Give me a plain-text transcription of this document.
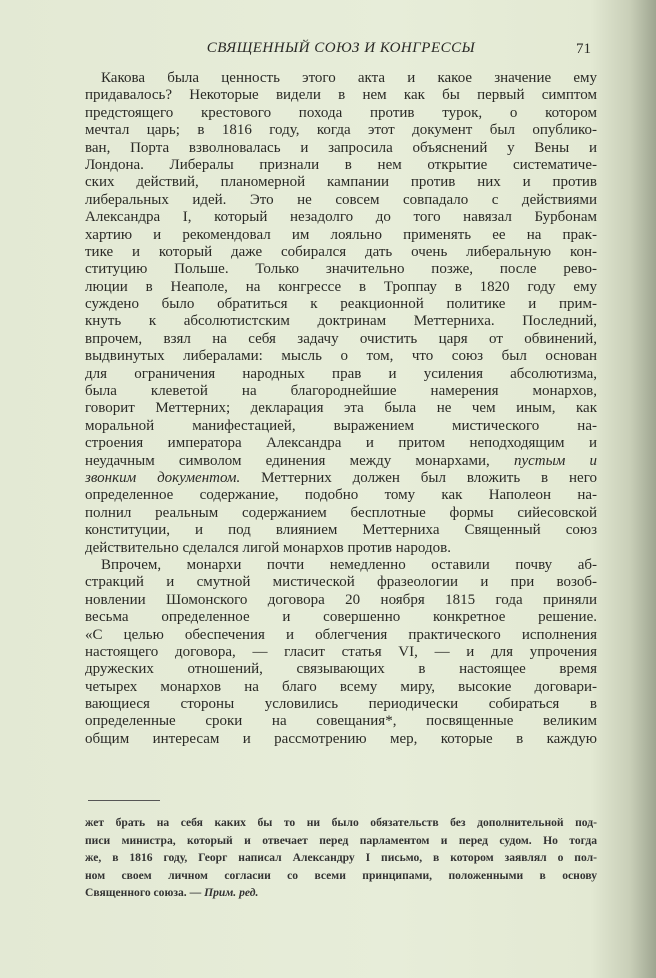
СВЯЩЕННЫЙ СОЮЗ И КОНГРЕССЫ	71
Какова была ценность этого акта и какое значение ему
придавалось? Некоторые видели в нем как бы первый симптом
предстоящего крестового похода против турок, о котором
мечтал царь; в 1816 году, когда этот документ был опублико-
ван, Порта взволновалась и запросила объяснений у Вены и
Лондона. Либералы признали в нем открытие систематиче-
ских действий, планомерной кампании против них и против
либеральных идей. Это не совсем совпадало с действиями
Александра I, который незадолго до того навязал Бурбонам
хартию и рекомендовал им лояльно применять ее на прак-
тике и который даже собирался дать очень либеральную кон-
ституцию Польше. Только значительно позже, после рево-
люции в Неаполе, на конгрессе в Троппау в 1820 году ему
суждено было обратиться к реакционной политике и прим-
кнуть к абсолютистским доктринам Меттерниха. Последний,
впрочем, взял на себя задачу очистить царя от обвинений,
выдвинутых либералами: мысль о том, что союз был основан
для ограничения народных прав и усиления абсолютизма,
была клеветой на благороднейшие намерения монархов,
говорит Меттерних; декларация эта была не чем иным, как
моральной манифестацией, выражением мистического на-
строения императора Александра и притом неподходящим и
неудачным символом единения между монархами, пустым и
звонким документом. Меттерних должен был вложить в него
определенное содержание, подобно тому как Наполеон на-
полнил реальным содержанием бесплотные формы сийесовской
конституции, и под влиянием Меттерниха Священный союз
действительно сделался лигой монархов против народов.
Впрочем, монархи почти немедленно оставили почву аб-
стракций и смутной мистической фразеологии и при возоб-
новлении Шомонского договора 20 ноября 1815 года приняли
весьма определенное и совершенно конкретное решение.
«С целью обеспечения и облегчения практического исполнения
настоящего договора, — гласит статья VI, — и для упрочения
дружеских отношений, связывающих в настоящее время
четырех монархов на благо всему миру, высокие договари-
вающиеся стороны условились периодически собираться в
определенные сроки на совещания*, посвященные великим
общим интересам и рассмотрению мер, которые в каждую
жет брать на себя каких бы то ни было обязательств без дополнительной под-
писи министра, который и отвечает перед парламентом и перед судом. Но тогда
же, в 1816 году, Георг написал Александру I письмо, в котором заявлял о пол-
ном своем личном согласии со всеми принципами, положенными в основу
Священного союза. — Прим. ред.
